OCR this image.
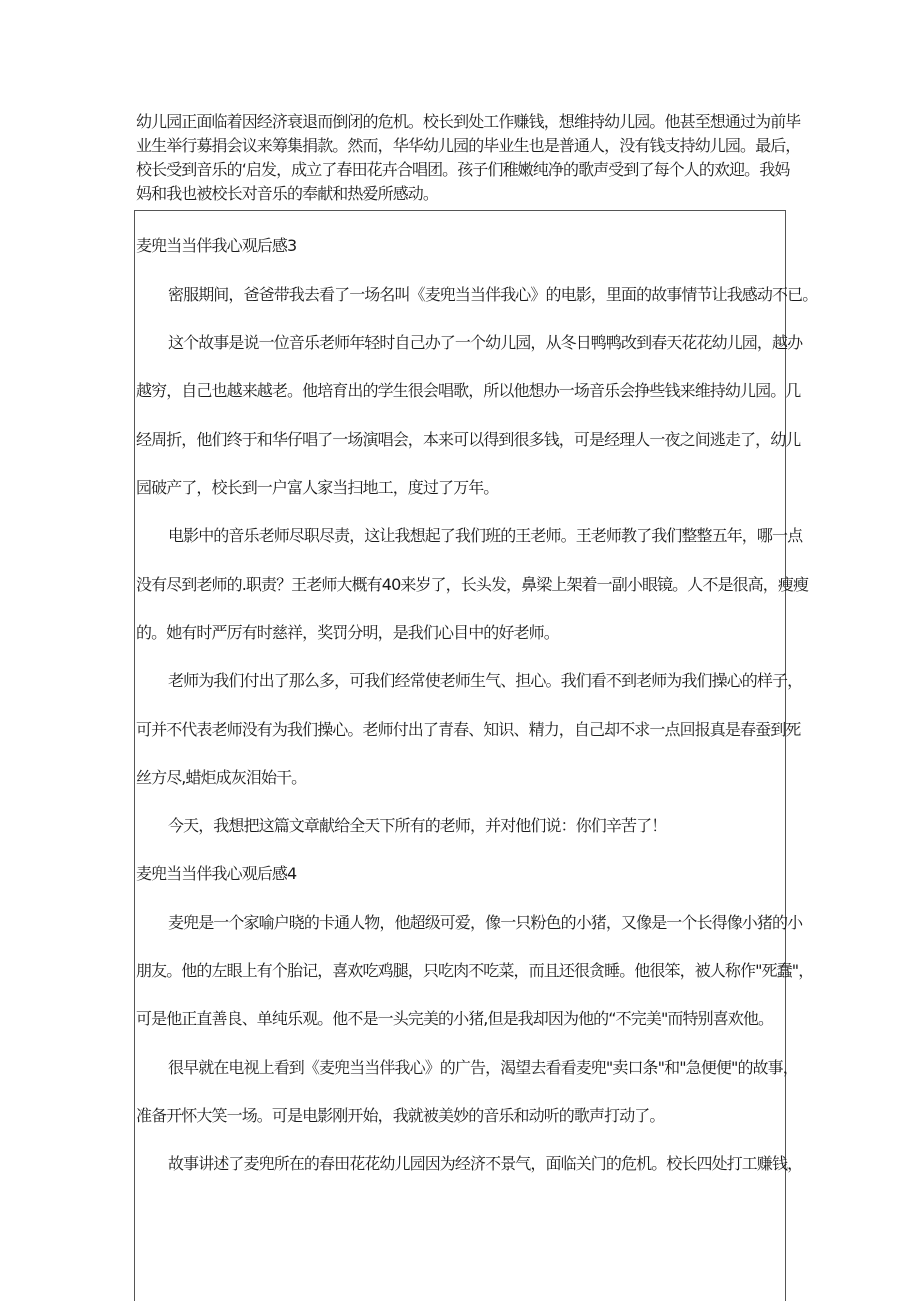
幼儿园正面临着因经济衰退而倒闭的危机。校长到处工作赚钱，想维持幼儿园。他甚至想通过为前毕
业生举行募捐会议来筹集捐款。然而，华华幼儿园的毕业生也是普通人，没有钱支持幼儿园。最后，
校长受到音乐的‘启发，成立了春田花卉合唱团。孩子们稚嫩纯净的歌声受到了每个人的欢迎。我妈
妈和我也被校长对音乐的奉献和热爱所感动。
麦兜当当伴我心观后感3
密服期间，爸爸带我去看了一场名叫《麦兜当当伴我心》的电影，里面的故事情节让我感动不已。
这个故事是说一位音乐老师年轻时自己办了一个幼儿园，从冬日鸭鸭改到春天花花幼儿园，越办
越穷，自己也越来越老。他培育出的学生很会唱歌，所以他想办一场音乐会挣些钱来维持幼儿园。几
经周折，他们终于和华仔唱了一场演唱会，本来可以得到很多钱，可是经理人一夜之间逃走了，幼儿
园破产了，校长到一户富人家当扫地工，度过了万年。
电影中的音乐老师尽职尽责，这让我想起了我们班的王老师。王老师教了我们整整五年，哪一点
没有尽到老师的.职责？王老师大概有40来岁了，长头发，鼻梁上架着一副小眼镜。人不是很高，瘦瘦
的。她有时严厉有时慈祥，奖罚分明，是我们心目中的好老师。
老师为我们付出了那么多，可我们经常使老师生气、担心。我们看不到老师为我们操心的样子，
可并不代表老师没有为我们操心。老师付出了青春、知识、精力，自己却不求一点回报真是春蚕到死
丝方尽,蜡炬成灰泪始干。
今天，我想把这篇文章献给全天下所有的老师，并对他们说：你们辛苦了！
麦兜当当伴我心观后感4
麦兜是一个家喻户晓的卡通人物，他超级可爱，像一只粉色的小猪，又像是一个长得像小猪的小
朋友。他的左眼上有个胎记，喜欢吃鸡腿，只吃肉不吃菜，而且还很贪睡。他很笨，被人称作"死蠢"，
可是他正直善良、单纯乐观。他不是一头完美的小猪,但是我却因为他的“不完美"而特别喜欢他。
很早就在电视上看到《麦兜当当伴我心》的广告，渴望去看看麦兜"卖口条"和"急便便"的故事，
准备开怀大笑一场。可是电影刚开始，我就被美妙的音乐和动听的歌声打动了。
故事讲述了麦兜所在的春田花花幼儿园因为经济不景气，面临关门的危机。校长四处打工赚钱，
